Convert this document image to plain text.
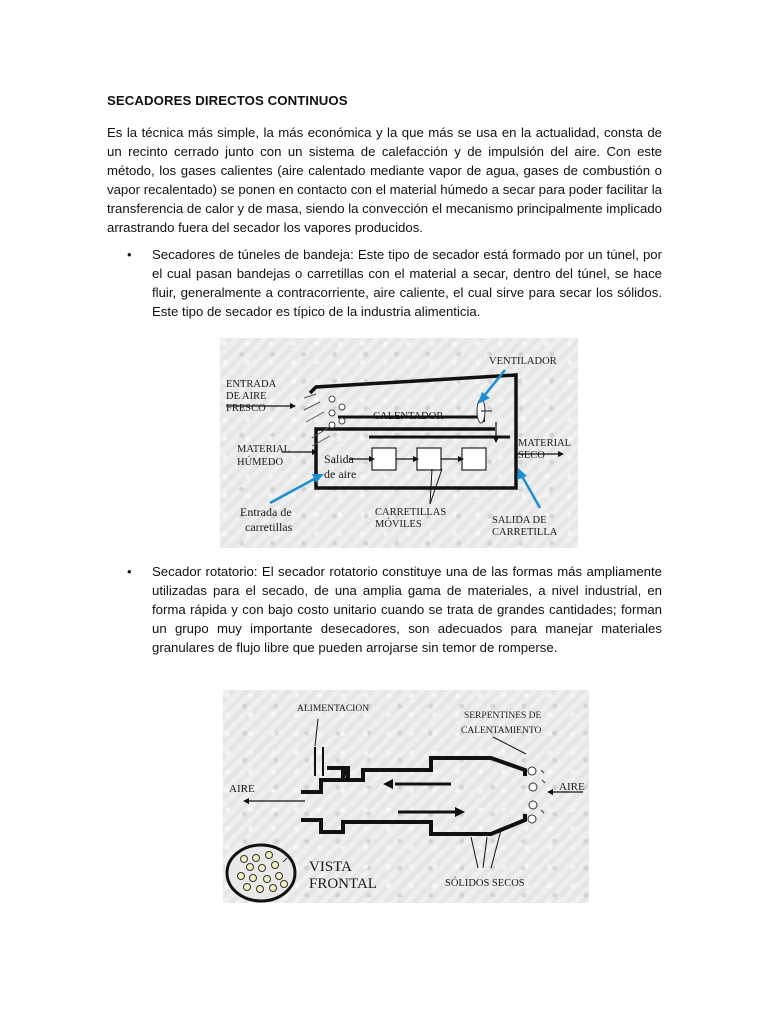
SECADORES DIRECTOS CONTINUOS

Es la técnica más simple, la más económica y la que más se usa en la actualidad, consta de un recinto cerrado junto con un sistema de calefacción y de impulsión del aire. Con este método, los gases calientes (aire calentado mediante vapor de agua, gases de combustión o vapor recalentado) se ponen en contacto con el material húmedo a secar para poder facilitar la transferencia de calor y de masa, siendo la convección el mecanismo principalmente implicado arrastrando fuera del secador los vapores producidos.

•	Secadores de túneles de bandeja: Este tipo de secador está formado por un túnel, por el cual pasan bandejas o carretillas con el material a secar, dentro del túnel, se hace fluir, generalmente a contracorriente, aire caliente, el cual sirve para secar los sólidos. Este tipo de secador es típico de la industria alimenticia.

VENTILADOR
ENTRADA
DE AIRE
FRESCO
CALENTADOR
MATERIAL
HÚMEDO	Salida
de aire
MATERIAL
SECO
Entrada de
carretillas
CARRETILLAS
MÓVILES	SALIDA DE
CARRETILLA
•	Secador rotatorio: El secador rotatorio constituye una de las formas más ampliamente utilizadas para el secado, de una amplia gama de materiales, a nivel industrial, en forma rápida y con bajo costo unitario cuando se trata de grandes cantidades; forman un grupo muy importante desecadores, son adecuados para manejar materiales granulares de flujo libre que pueden arrojarse sin temor de romperse.

ALIMENTACION
SERPENTINES DE
CALENTAMIENTO
AIRE	AIRE
VISTA
FRONTAL	SÓLIDOS SECOS
